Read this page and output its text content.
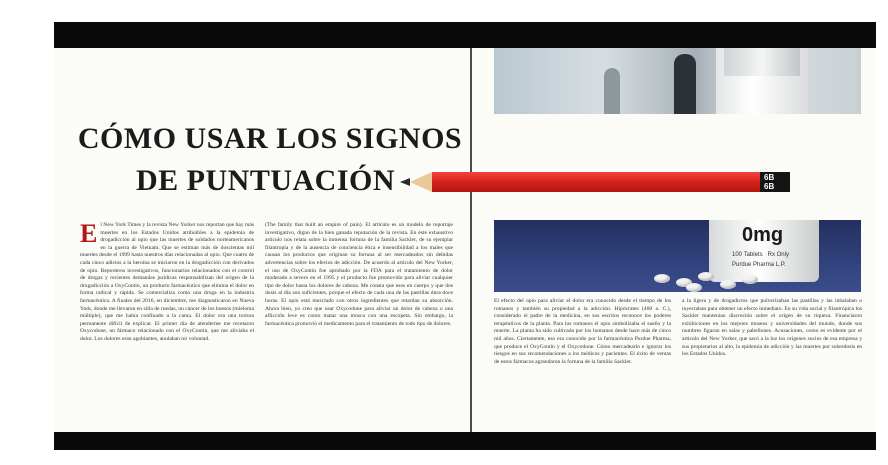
0mg
100 Tablets Rx Only
Purdue Pharma L.P.
CÓMO USAR LOS SIGNOS
DE PUNTUACIÓN	6B
6B
E l New York Times y la revista New Yorker nos reportan que hay más muertes en los Estados Unidos atribuibles a la epidemia de drogadicción al opio que las muertes de soldados norteamericanos en la guerra de Vietnam. Que se estiman más de doscientas mil muertes desde el 1999 hasta nuestros días relacionadas al opio. Que cuatro de cada cinco adictos a la heroína se iniciaron en la drogadicción con derivados de opio. Reporteros investigativos, funcionarios relacionados con el control de drogas y recientes demandas jurídicas responsabilizan del origen de la drogadicción a OxyContin, un producto farmacéutico que elimina el dolor en forma radical y rápida. Se comercializa como una droga en la industria farmacéutica. A finales del 2016, en diciembre, me diagnosticaron en Nueva York, donde me llevaron en silla de ruedas, un cáncer de los huesos (mieloma múltiple), que me había confinado a la cama. El dolor era una tortura permanente difícil de explicar. El primer día de atenderme me recetaron Oxycodone, un fármaco relacionado con el OxyContin, que me aliviaba el dolor. Los dolores eran agobiantes, anulaban mi voluntad.

(The family that built an empire of pain). El artículo es un modelo de reportaje investigativo, digno de la bien ganada reputación de la revista. En éste exhaustivo artículo nos relata sobre la inmensa fortuna de la familia Sackler, de su ejemplar filantropía y de la ausencia de conciencia ética e insensibilidad a los males que causan los productos que originan su fortuna al ser mercadeados sin debidas advertencias sobre los efectos de adicción. De acuerdo al artículo del New Yorker, el uso de OxyContin fue aprobado por la FDA para el tratamiento de dolor moderado a severo en el 1995 y el producto fue promovido para aliviar cualquier tipo de dolor hasta los dolores de cabeza. Me consta que esos en cuerpo y que dos dosis al día son suficientes, porque el efecto de cada una de las pastillas dura doce horas. El opio está mezclado con otros ingredientes que retardan su absorción. Ahora bien, yo creo que usar Oxycodone para aliviar un dolor de cabeza o una aflicción leve es como matar una mosca con una escopeta. Sin embargo, la farmacéutica promovió el medicamento para el tratamiento de todo tipo de dolores.

El efecto del opio para aliviar el dolor era conocido desde el tiempo de los romanos y también su propiedad a la adicción. Hipócrates (460 a. C.), considerado el padre de la medicina, en sus escritos reconoce los poderes terapéuticos de la planta. Para los romanos el opio simbolizaba el sueño y la muerte. La planta ha sido cultivada por los humanos desde hace más de cinco mil años. Ciertamente, eso era conocido por la farmacéutica Purdue Pharma, que produce el OxyContin y el Oxycodone. Cómo mercadearlo e ignorar los riesgos en sus recomendaciones a los médicos y pacientes. El éxito de ventas de estos fármacos agrandaron la fortuna de la familia Sackler.

a la ligera y de drogadictos que pulverizaban las pastillas y las inhalaban o inyectaban para obtener un efecto inmediato. En su vida social y filantrópica los Sackler mantenían discreción sobre el origen de su riqueza. Financiaron exhibiciones en los mejores museos y universidades del mundo, donde sus nombres figuran en salas y pabellones. Acusaciones, como es evidente por el artículo del New Yorker, que sacó a la luz los orígenes sucios de esa empresa y sus propietarios al alto, la epidemia de adicción y las muertes por sobredosis en los Estados Unidos.
